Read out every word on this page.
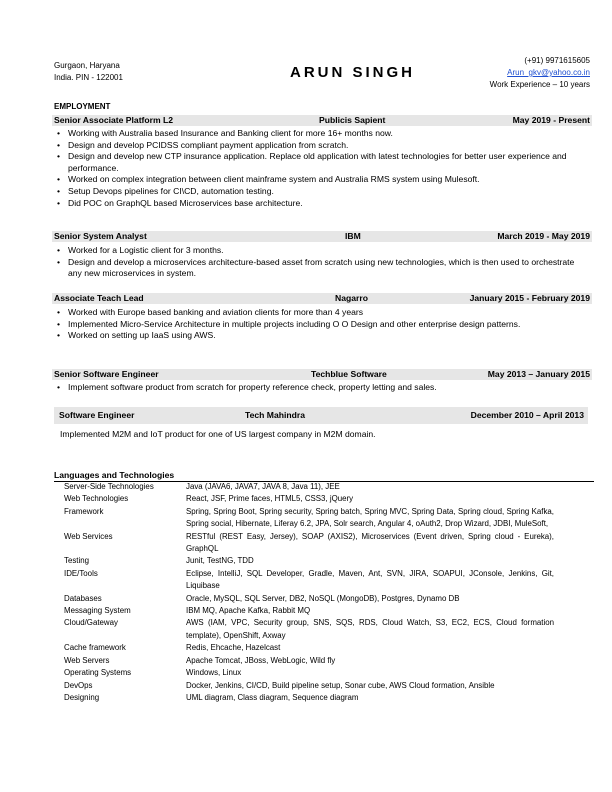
Gurgaon, Haryana
India. PIN - 122001	ARUN SINGH
(+91) 9971615605
Arun_gkv@yahoo.co.in
Work Experience – 10 years
EMPLOYMENT
Senior Associate Platform L2	Publicis Sapient	May 2019 - Present
• Working with Australia based Insurance and Banking client for more 16+ months now.
• Design and develop PCIDSS compliant payment application from scratch.
• Design and develop new CTP insurance application. Replace old application with latest technologies for better user experience and performance.
• Worked on complex integration between client mainframe system and Australia RMS system using Mulesoft.
• Setup Devops pipelines for CI\CD, automation testing.
• Did POC on GraphQL based Microservices base architecture.
Senior System Analyst	IBM	March 2019 - May 2019
• Worked for a Logistic client for 3 months.
• Design and develop a microservices architecture-based asset from scratch using new technologies, which is then used to orchestrate any new microservices in system.
Associate Teach Lead	Nagarro	January 2015 - February 2019
• Worked with Europe based banking and aviation clients for more than 4 years
• Implemented Micro-Service Architecture in multiple projects including O O Design and other enterprise design patterns.
• Worked on setting up IaaS using AWS.
Senior Software Engineer	Techblue Software	May 2013 – January 2015
• Implement software product from scratch for property reference check, property letting and sales.
Software Engineer	Tech Mahindra	December 2010 – April 2013
Implemented M2M and IoT product for one of US largest company in M2M domain.
Languages and Technologies
Server-Side Technologies	Java (JAVA6, JAVA7, JAVA 8, Java 11), JEE
Web Technologies	React, JSF, Prime faces, HTML5, CSS3, jQuery
Framework	Spring, Spring Boot, Spring security, Spring batch, Spring MVC, Spring Data, Spring cloud, Spring Kafka, Spring social, Hibernate, Liferay 6.2, JPA, Solr search, Angular 4, oAuth2, Drop Wizard, JDBI, MuleSoft,
Web Services	RESTful (REST Easy, Jersey), SOAP (AXIS2), Microservices (Event driven, Spring cloud - Eureka), GraphQL
Testing	Junit, TestNG, TDD
IDE/Tools	Eclipse, IntelliJ, SQL Developer, Gradle, Maven, Ant, SVN, JIRA, SOAPUI, JConsole, Jenkins, Git, Liquibase
Databases	Oracle, MySQL, SQL Server, DB2, NoSQL (MongoDB), Postgres, Dynamo DB
Messaging System	IBM MQ, Apache Kafka, Rabbit MQ
Cloud/Gateway	AWS (IAM, VPC, Security group, SNS, SQS, RDS, Cloud Watch, S3, EC2, ECS, Cloud formation template), OpenShift, Axway
Cache framework	Redis, Ehcache, Hazelcast
Web Servers	Apache Tomcat, JBoss, WebLogic, Wild fly
Operating Systems	Windows, Linux
DevOps	Docker, Jenkins, CI/CD, Build pipeline setup, Sonar cube, AWS Cloud formation, Ansible
Designing	UML diagram, Class diagram, Sequence diagram
